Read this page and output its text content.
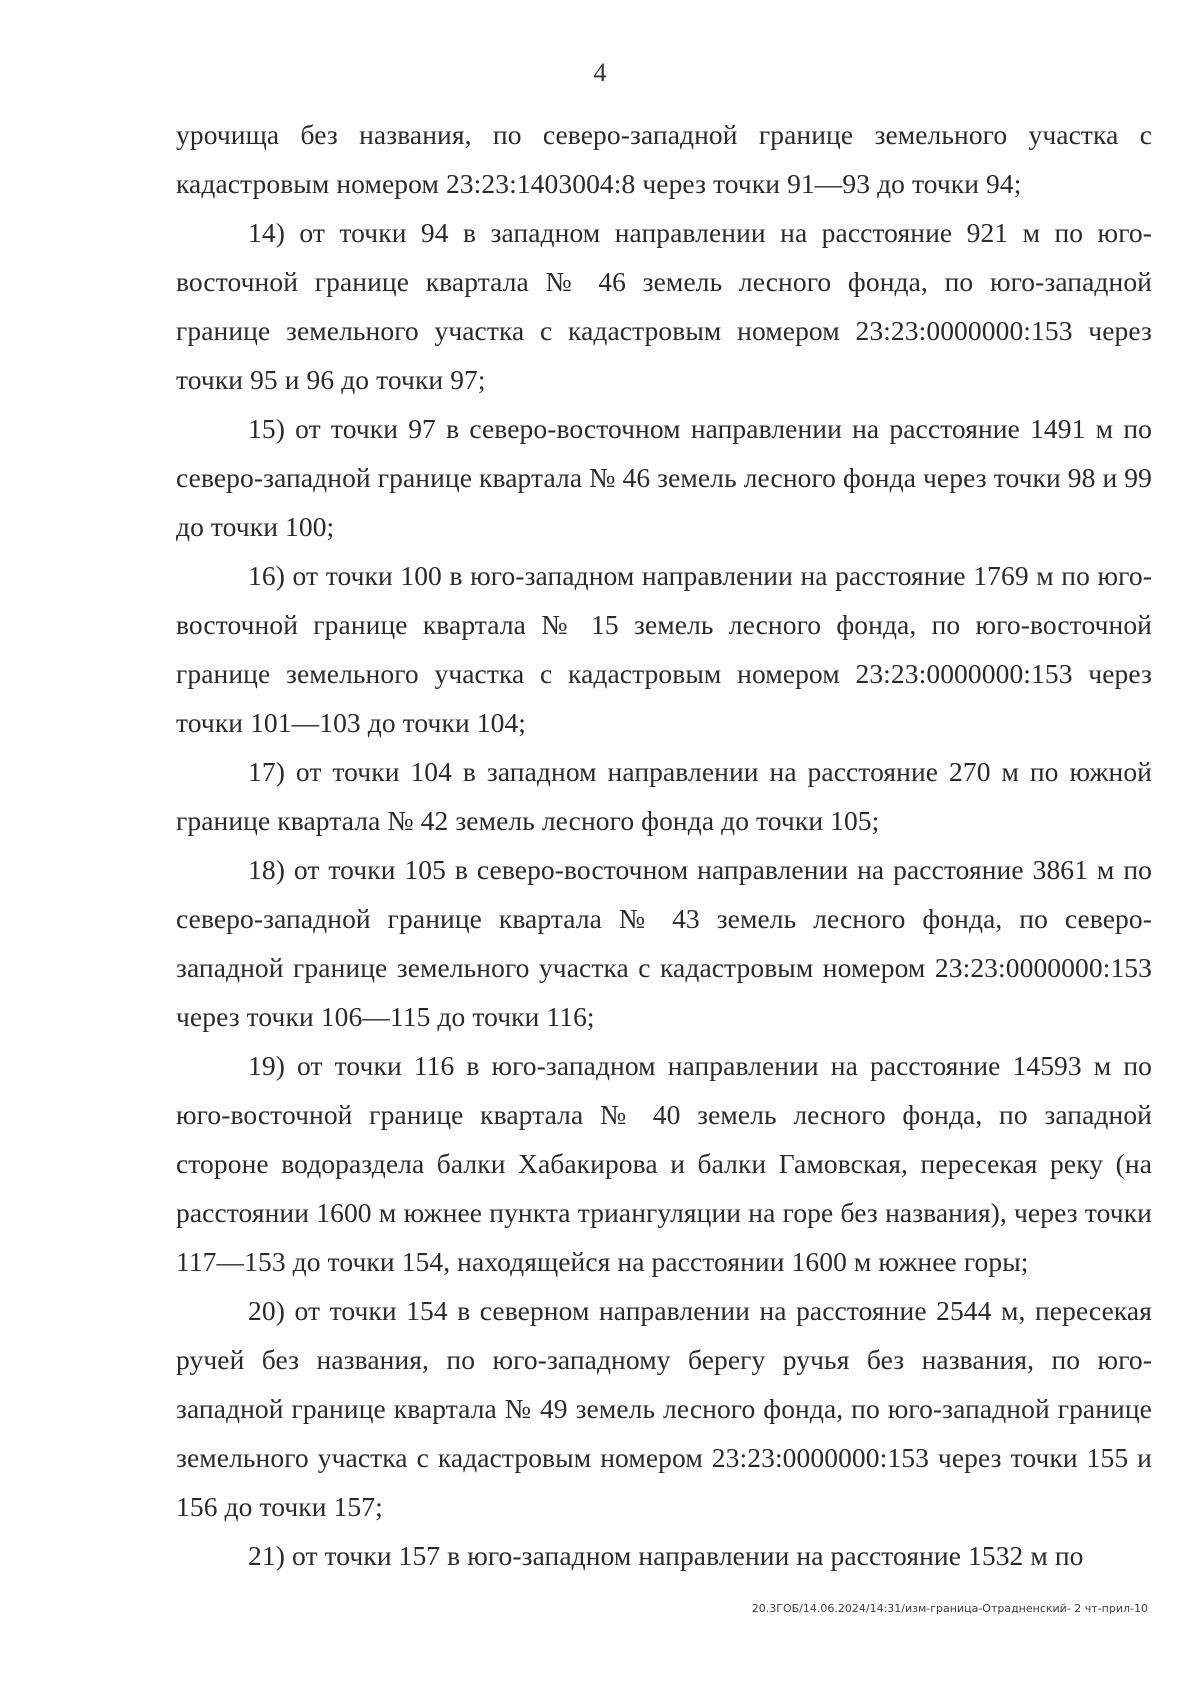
4

урочища без названия, по северо-западной границе земельного участка с кадастровым номером 23:23:1403004:8 через точки 91—93 до точки 94;

14) от точки 94 в западном направлении на расстояние 921 м по юго-восточной границе квартала № 46 земель лесного фонда, по юго-западной границе земельного участка с кадастровым номером 23:23:0000000:153 через точки 95 и 96 до точки 97;

15) от точки 97 в северо-восточном направлении на расстояние 1491 м по северо-западной границе квартала № 46 земель лесного фонда через точки 98 и 99 до точки 100;

16) от точки 100 в юго-западном направлении на расстояние 1769 м по юго-восточной границе квартала № 15 земель лесного фонда, по юго-восточной границе земельного участка с кадастровым номером 23:23:0000000:153 через точки 101—103 до точки 104;

17) от точки 104 в западном направлении на расстояние 270 м по южной границе квартала № 42 земель лесного фонда до точки 105;

18) от точки 105 в северо-восточном направлении на расстояние 3861 м по северо-западной границе квартала № 43 земель лесного фонда, по северо-западной границе земельного участка с кадастровым номером 23:23:0000000:153 через точки 106—115 до точки 116;

19) от точки 116 в юго-западном направлении на расстояние 14593 м по юго-восточной границе квартала № 40 земель лесного фонда, по западной стороне водораздела балки Хабакирова и балки Гамовская, пересекая реку (на расстоянии 1600 м южнее пункта триангуляции на горе без названия), через точки 117—153 до точки 154, находящейся на расстоянии 1600 м южнее горы;

20) от точки 154 в северном направлении на расстояние 2544 м, пересекая ручей без названия, по юго-западному берегу ручья без названия, по юго-западной границе квартала № 49 земель лесного фонда, по юго-западной границе земельного участка с кадастровым номером 23:23:0000000:153 через точки 155 и 156 до точки 157;

21) от точки 157 в юго-западном направлении на расстояние 1532 м по

20.3ГОБ/14.06.2024/14:31/изм-граница-Отрадненский- 2 чт-прил-10
